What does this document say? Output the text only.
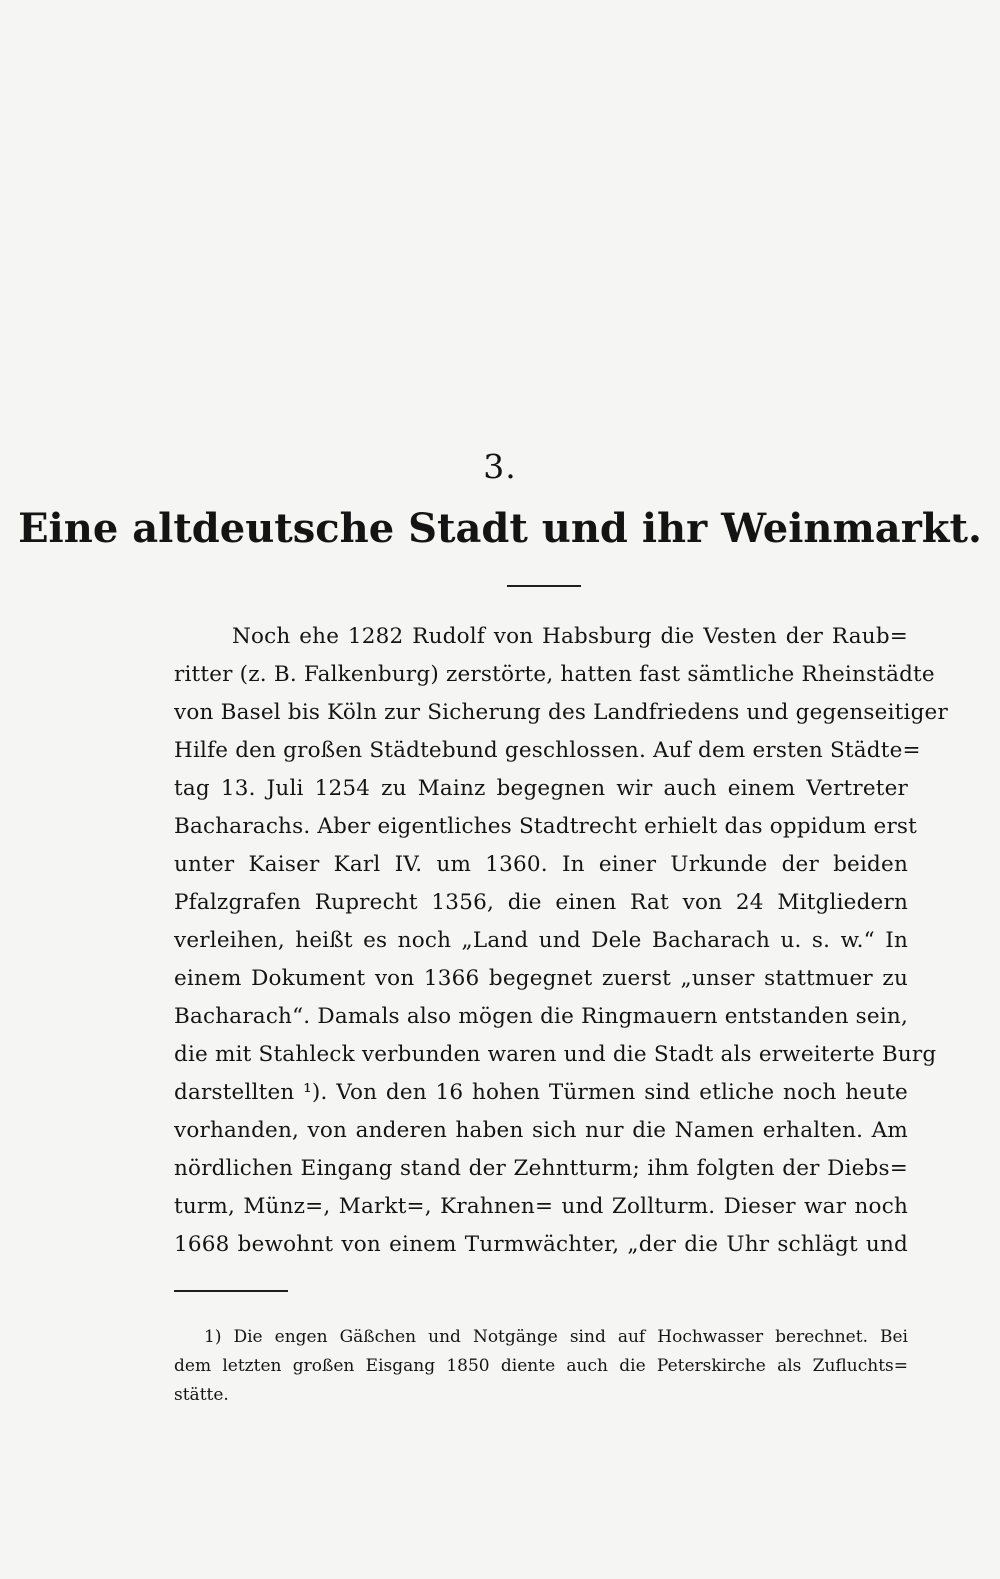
3.
Eine altdeutsche Stadt und ihr Weinmarkt.
Noch ehe 1282 Rudolf von Habsburg die Vesten der Raub=
ritter (z. B. Falkenburg) zerstörte, hatten fast sämtliche Rheinstädte
von Basel bis Köln zur Sicherung des Landfriedens und gegenseitiger
Hilfe den großen Städtebund geschlossen. Auf dem ersten Städte=
tag 13. Juli 1254 zu Mainz begegnen wir auch einem Vertreter
Bacharachs. Aber eigentliches Stadtrecht erhielt das oppidum erst
unter Kaiser Karl IV. um 1360. In einer Urkunde der beiden
Pfalzgrafen Ruprecht 1356, die einen Rat von 24 Mitgliedern
verleihen, heißt es noch „Land und Dele Bacharach u. s. w.“ In
einem Dokument von 1366 begegnet zuerst „unser stattmuer zu
Bacharach“. Damals also mögen die Ringmauern entstanden sein,
die mit Stahleck verbunden waren und die Stadt als erweiterte Burg
darstellten ¹). Von den 16 hohen Türmen sind etliche noch heute
vorhanden, von anderen haben sich nur die Namen erhalten. Am
nördlichen Eingang stand der Zehntturm; ihm folgten der Diebs=
turm, Münz=, Markt=, Krahnen= und Zollturm. Dieser war noch
1668 bewohnt von einem Turmwächter, „der die Uhr schlägt und
1) Die engen Gäßchen und Notgänge sind auf Hochwasser berechnet. Bei
dem letzten großen Eisgang 1850 diente auch die Peterskirche als Zufluchts=
stätte.
